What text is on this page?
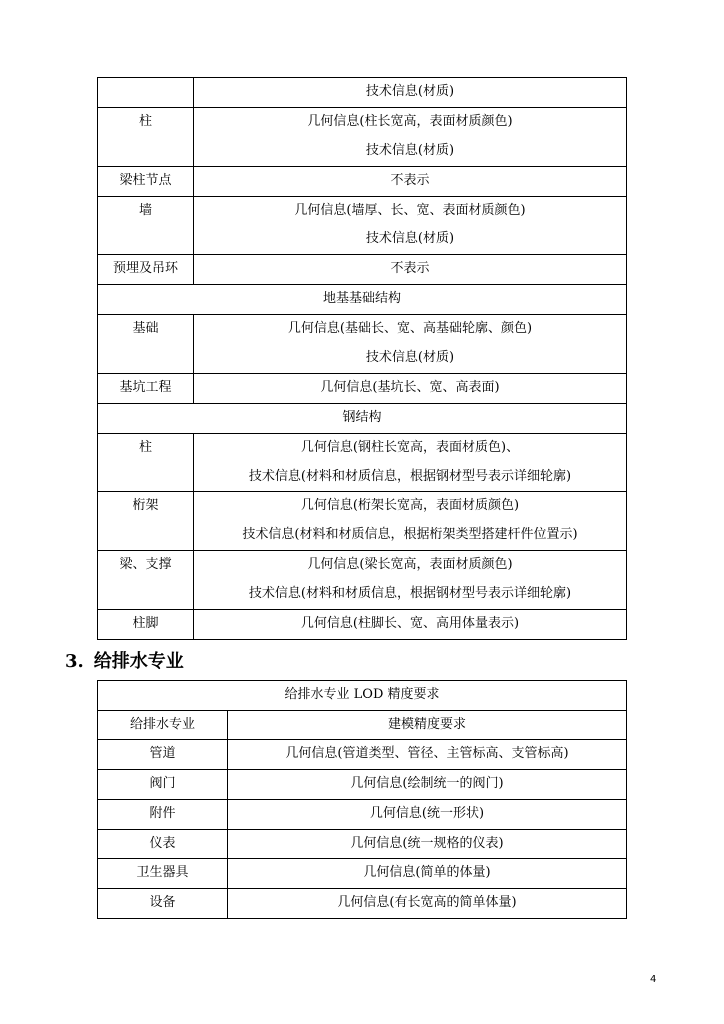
	技术信息(材质)

柱	几何信息(柱长宽高，表面材质颜色)
技术信息(材质)

梁柱节点	不表示

墙	几何信息(墙厚、长、宽、表面材质颜色)
技术信息(材质)

预埋及吊环	不表示

地基基础结构	

基础	几何信息(基础长、宽、高基础轮廓、颜色)
技术信息(材质)

基坑工程	几何信息(基坑长、宽、高表面)

钢结构	

柱	几何信息(钢柱长宽高，表面材质色)、
技术信息(材料和材质信息，根据钢材型号表示详细轮廓)

桁架	几何信息(桁架长宽高，表面材质颜色)
技术信息(材料和材质信息，根据桁架类型搭建杆件位置示)

梁、支撑	几何信息(梁长宽高，表面材质颜色)
技术信息(材料和材质信息，根据钢材型号表示详细轮廓)

柱脚	几何信息(柱脚长、宽、高用体量表示)
3. 给排水专业
给排水专业 LOD 精度要求	
给排水专业	建模精度要求
管道	几何信息(管道类型、管径、主管标高、支管标高)
阀门	几何信息(绘制统一的阀门)
附件	几何信息(统一形状)
仪表	几何信息(统一规格的仪表)
卫生器具	几何信息(简单的体量)
设备	几何信息(有长宽高的简单体量)
4
